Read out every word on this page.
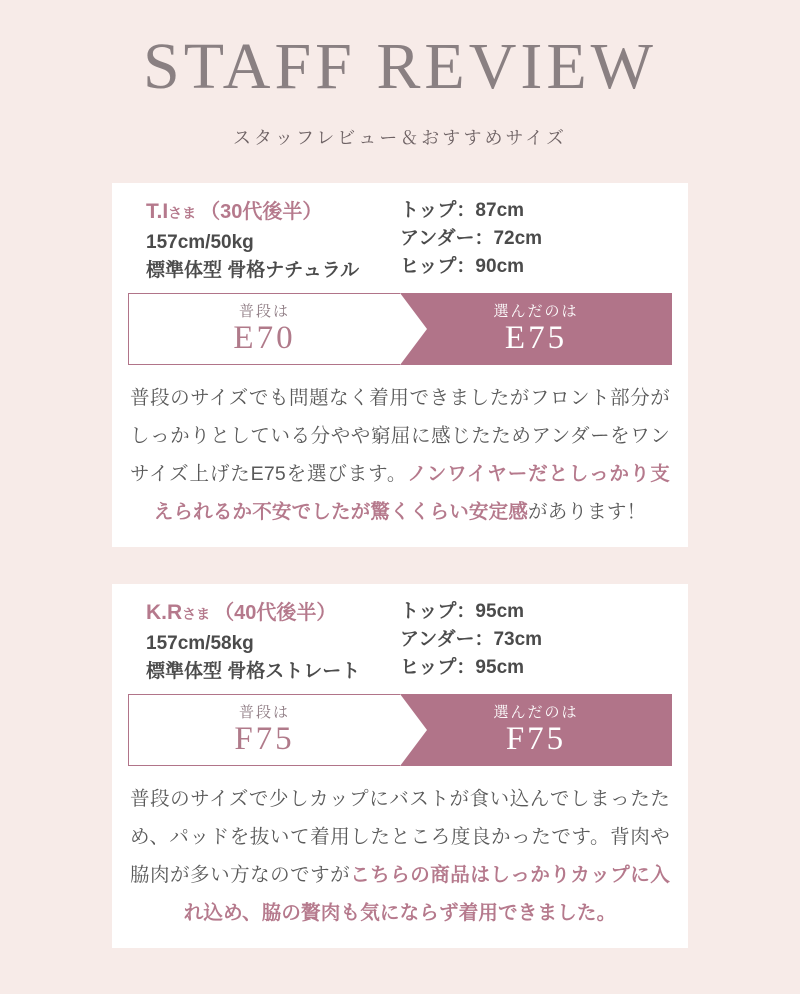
STAFF REVIEW
スタッフレビュー＆おすすめサイズ
T.Iさま （30代後半）
157cm/50kg
標準体型 骨格ナチュラル
トップ：87cm
アンダー：72cm
ヒップ：90cm
普段は
E70
選んだのは
E75

普段のサイズでも問題なく着用できましたがフロント部分がしっかりとしている分やや窮屈に感じたためアンダーをワンサイズ上げたE75を選びます。ノンワイヤーだとしっかり支えられるか不安でしたが驚くくらい安定感があります！

K.Rさま （40代後半）
157cm/58kg
標準体型 骨格ストレート
トップ：95cm
アンダー：73cm
ヒップ：95cm
普段は
F75
選んだのは
F75

普段のサイズで少しカップにバストが食い込んでしまったため、パッドを抜いて着用したところ度良かったです。背肉や脇肉が多い方なのですがこちらの商品はしっかりカップに入れ込め、脇の贅肉も気にならず着用できました。
